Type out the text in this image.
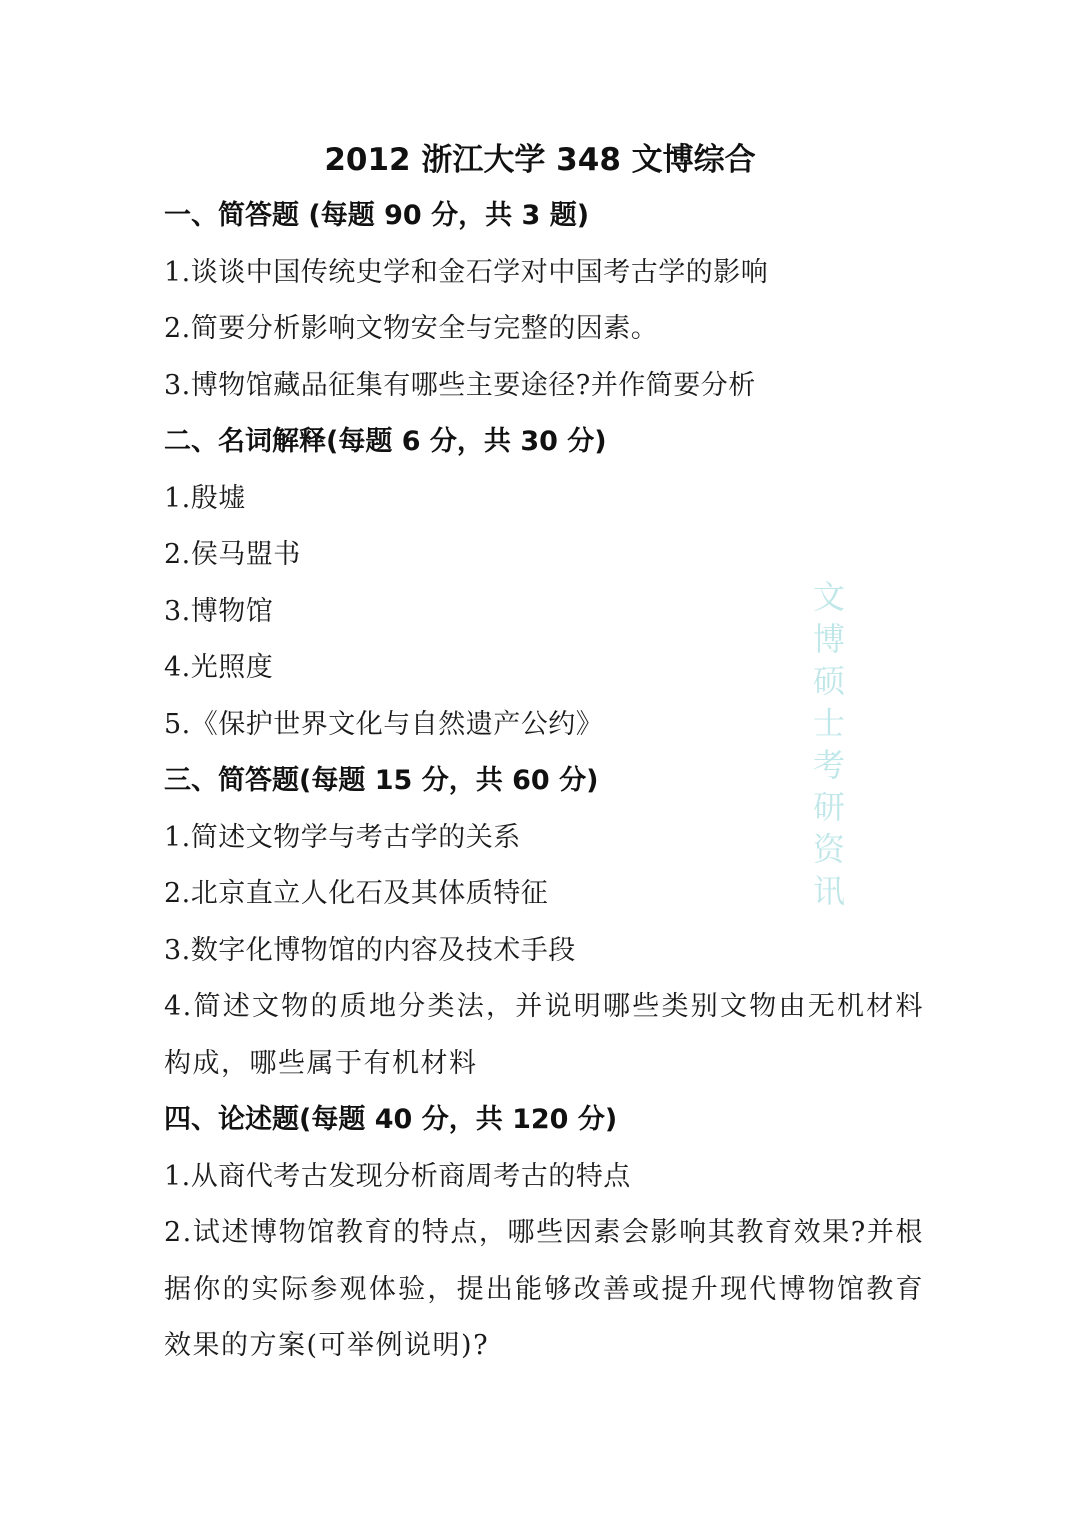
2012 浙江大学 348 文博综合
一、简答题 (每题 90 分，共 3 题)
1.谈谈中国传统史学和金石学对中国考古学的影响
2.简要分析影响文物安全与完整的因素。
3.博物馆藏品征集有哪些主要途径?并作简要分析
二、名词解释(每题 6 分，共 30 分)
1.殷墟
2.侯马盟书
3.博物馆
4.光照度
5.《保护世界文化与自然遗产公约》
三、简答题(每题 15 分，共 60 分)
1.简述文物学与考古学的关系
2.北京直立人化石及其体质特征
3.数字化博物馆的内容及技术手段
4.简述文物的质地分类法，并说明哪些类别文物由无机材料构成，哪些属于有机材料
四、论述题(每题 40 分，共 120 分)
1.从商代考古发现分析商周考古的特点
2.试述博物馆教育的特点，哪些因素会影响其教育效果?并根据你的实际参观体验，提出能够改善或提升现代博物馆教育效果的方案(可举例说明)?
文博硕士考研资讯
